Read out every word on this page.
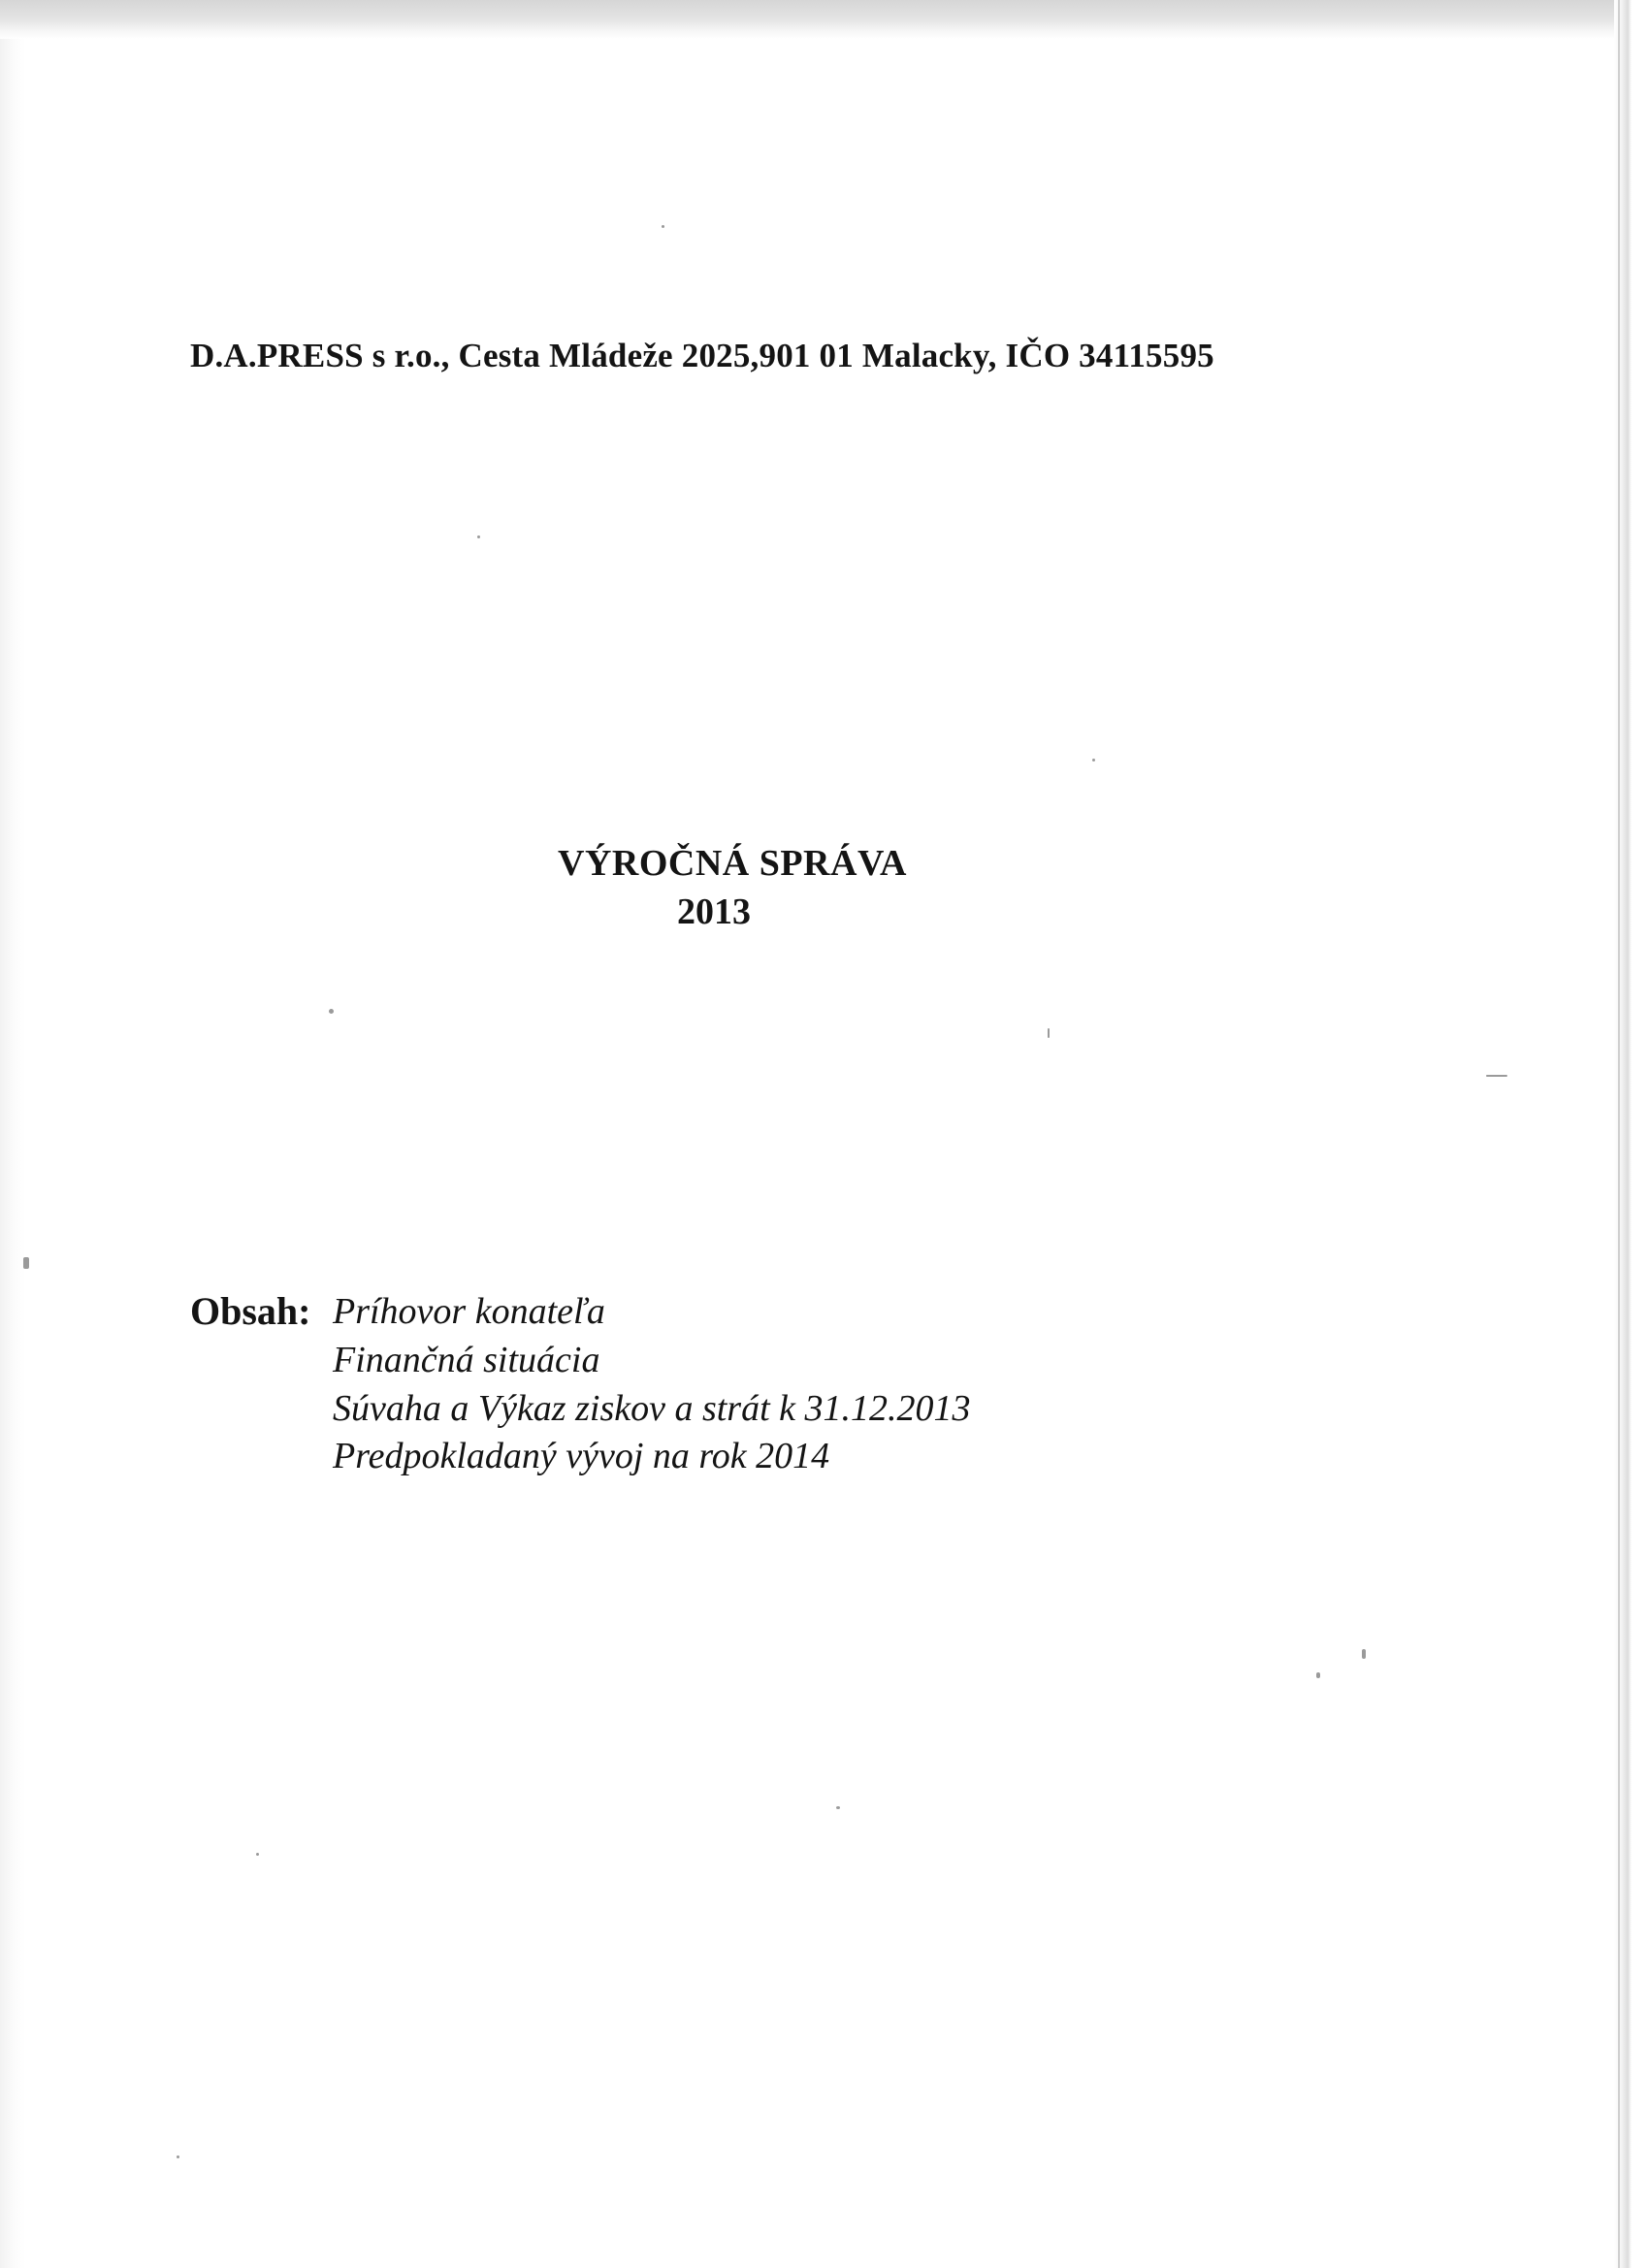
D.A.PRESS s r.o., Cesta Mládeže 2025,901 01 Malacky, IČO 34115595
VÝROČNÁ SPRÁVA
2013
Obsah: Príhovor konateľa
Finančná situácia
Súvaha a Výkaz ziskov a strát k 31.12.2013
Predpokladaný vývoj na rok 2014
